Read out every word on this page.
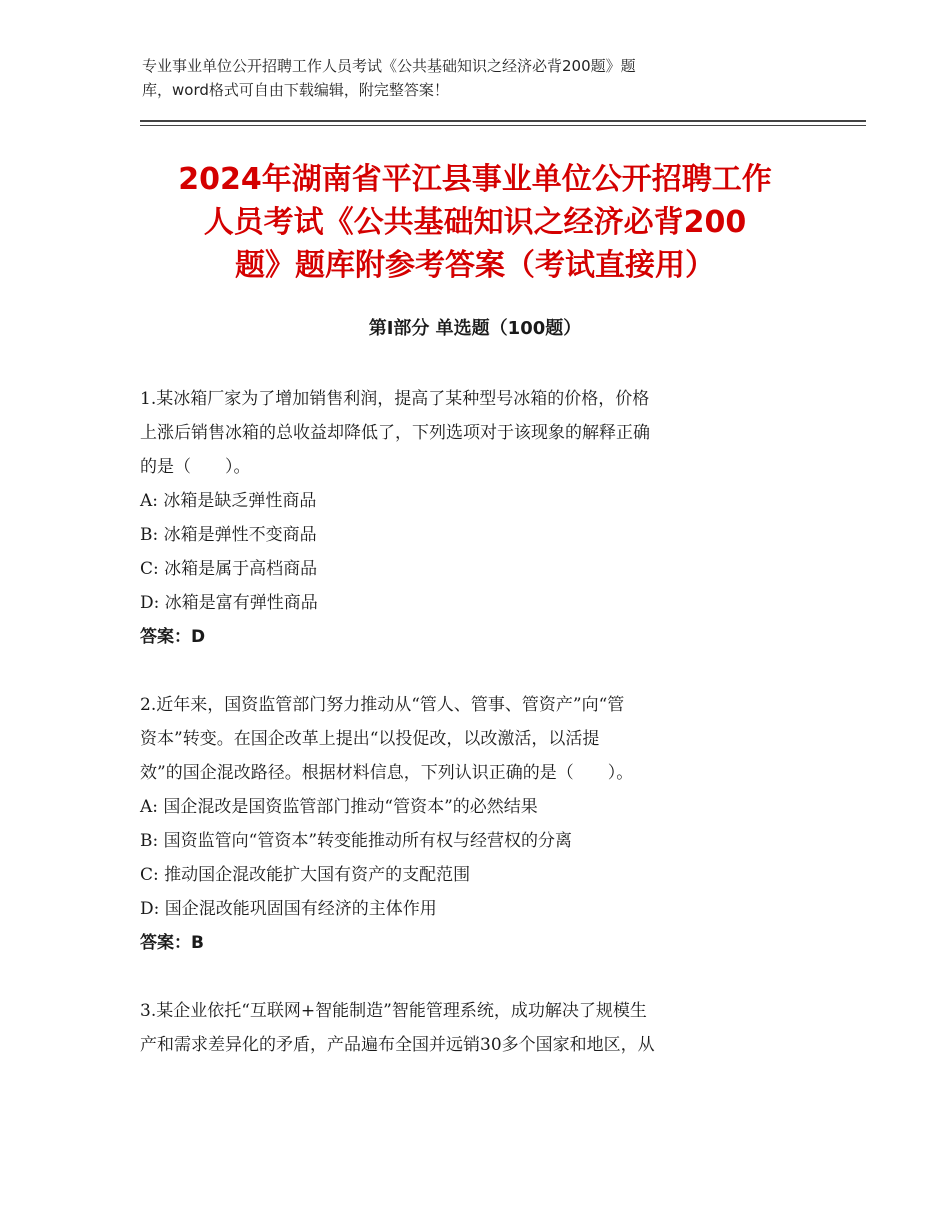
专业事业单位公开招聘工作人员考试《公共基础知识之经济必背200题》题
库，word格式可自由下载编辑，附完整答案！
2024年湖南省平江县事业单位公开招聘工作
人员考试《公共基础知识之经济必背200
题》题库附参考答案（考试直接用）
第Ⅰ部分 单选题（100题）
1.某冰箱厂家为了增加销售利润，提高了某种型号冰箱的价格，价格
上涨后销售冰箱的总收益却降低了，下列选项对于该现象的解释正确
的是（　　）。
A: 冰箱是缺乏弹性商品
B: 冰箱是弹性不变商品
C: 冰箱是属于高档商品
D: 冰箱是富有弹性商品
答案：D
2.近年来，国资监管部门努力推动从“管人、管事、管资产”向“管
资本”转变。在国企改革上提出“以投促改，以改激活，以活提
效”的国企混改路径。根据材料信息，下列认识正确的是（　　）。
A: 国企混改是国资监管部门推动“管资本”的必然结果
B: 国资监管向“管资本”转变能推动所有权与经营权的分离
C: 推动国企混改能扩大国有资产的支配范围
D: 国企混改能巩固国有经济的主体作用
答案：B
3.某企业依托“互联网+智能制造”智能管理系统，成功解决了规模生
产和需求差异化的矛盾，产品遍布全国并远销30多个国家和地区，从
